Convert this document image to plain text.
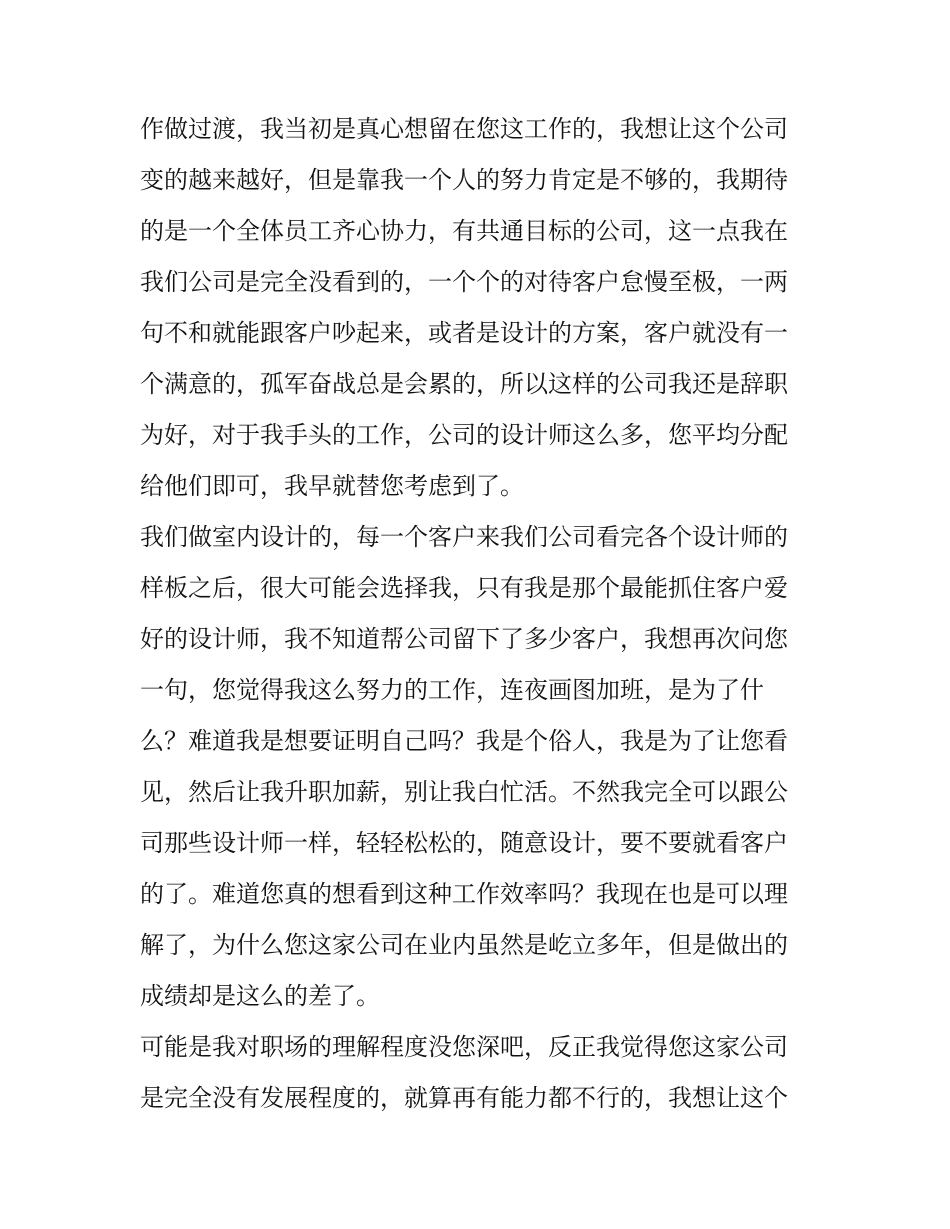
作做过渡，我当初是真心想留在您这工作的，我想让这个公司
变的越来越好，但是靠我一个人的努力肯定是不够的，我期待
的是一个全体员工齐心协力，有共通目标的公司，这一点我在
我们公司是完全没看到的，一个个的对待客户怠慢至极，一两
句不和就能跟客户吵起来，或者是设计的方案，客户就没有一
个满意的，孤军奋战总是会累的，所以这样的公司我还是辞职
为好，对于我手头的工作，公司的设计师这么多，您平均分配
给他们即可，我早就替您考虑到了。
我们做室内设计的，每一个客户来我们公司看完各个设计师的
样板之后，很大可能会选择我，只有我是那个最能抓住客户爱
好的设计师，我不知道帮公司留下了多少客户，我想再次问您
一句，您觉得我这么努力的工作，连夜画图加班，是为了什
么？难道我是想要证明自己吗？我是个俗人，我是为了让您看
见，然后让我升职加薪，别让我白忙活。不然我完全可以跟公
司那些设计师一样，轻轻松松的，随意设计，要不要就看客户
的了。难道您真的想看到这种工作效率吗？我现在也是可以理
解了，为什么您这家公司在业内虽然是屹立多年，但是做出的
成绩却是这么的差了。
可能是我对职场的理解程度没您深吧，反正我觉得您这家公司
是完全没有发展程度的，就算再有能力都不行的，我想让这个
